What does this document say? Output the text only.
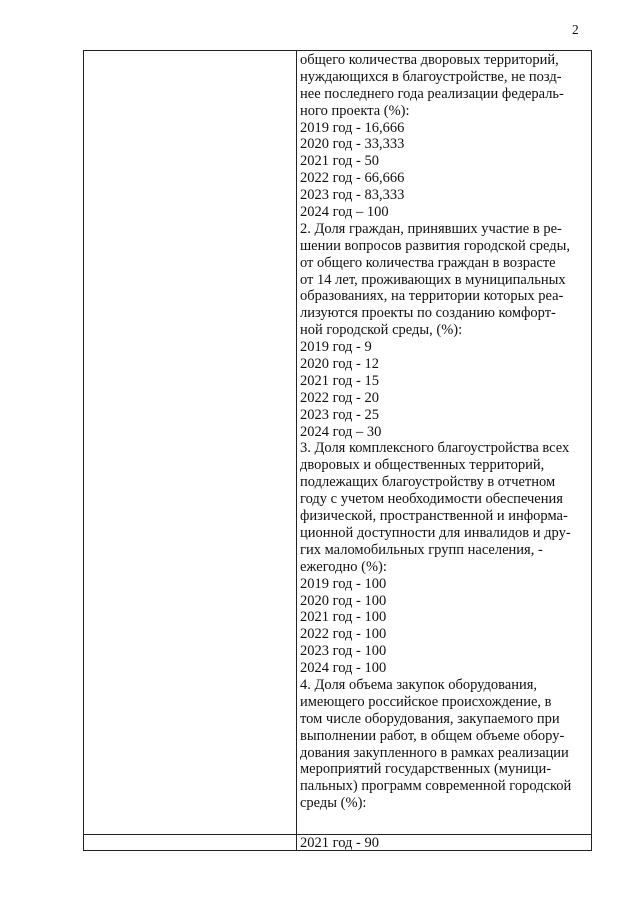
2
общего количества дворовых территорий,
нуждающихся в благоустройстве, не позд-
нее последнего года реализации федераль-
ного проекта (%):
2019 год - 16,666
2020 год - 33,333
2021 год - 50
2022 год - 66,666
2023 год - 83,333
2024 год – 100
2. Доля граждан, принявших участие в ре-
шении вопросов развития городской среды,
от общего количества граждан в возрасте
от 14 лет, проживающих в муниципальных
образованиях, на территории которых реа-
лизуются проекты по созданию комфорт-
ной городской среды, (%):
2019 год - 9
2020 год - 12
2021 год - 15
2022 год - 20
2023 год - 25
2024 год – 30
3. Доля комплексного благоустройства всех
дворовых и общественных территорий,
подлежащих благоустройству в отчетном
году с учетом необходимости обеспечения
физической, пространственной и информа-
ционной доступности для инвалидов и дру-
гих маломобильных групп населения, -
ежегодно (%):
2019 год - 100
2020 год - 100
2021 год - 100
2022 год - 100
2023 год - 100
2024 год - 100
4. Доля объема закупок оборудования,
имеющего российское происхождение, в
том числе оборудования, закупаемого при
выполнении работ, в общем объеме обору-
дования закупленного в рамках реализации
мероприятий государственных (муници-
пальных) программ современной городской
среды (%):
2021 год - 90
